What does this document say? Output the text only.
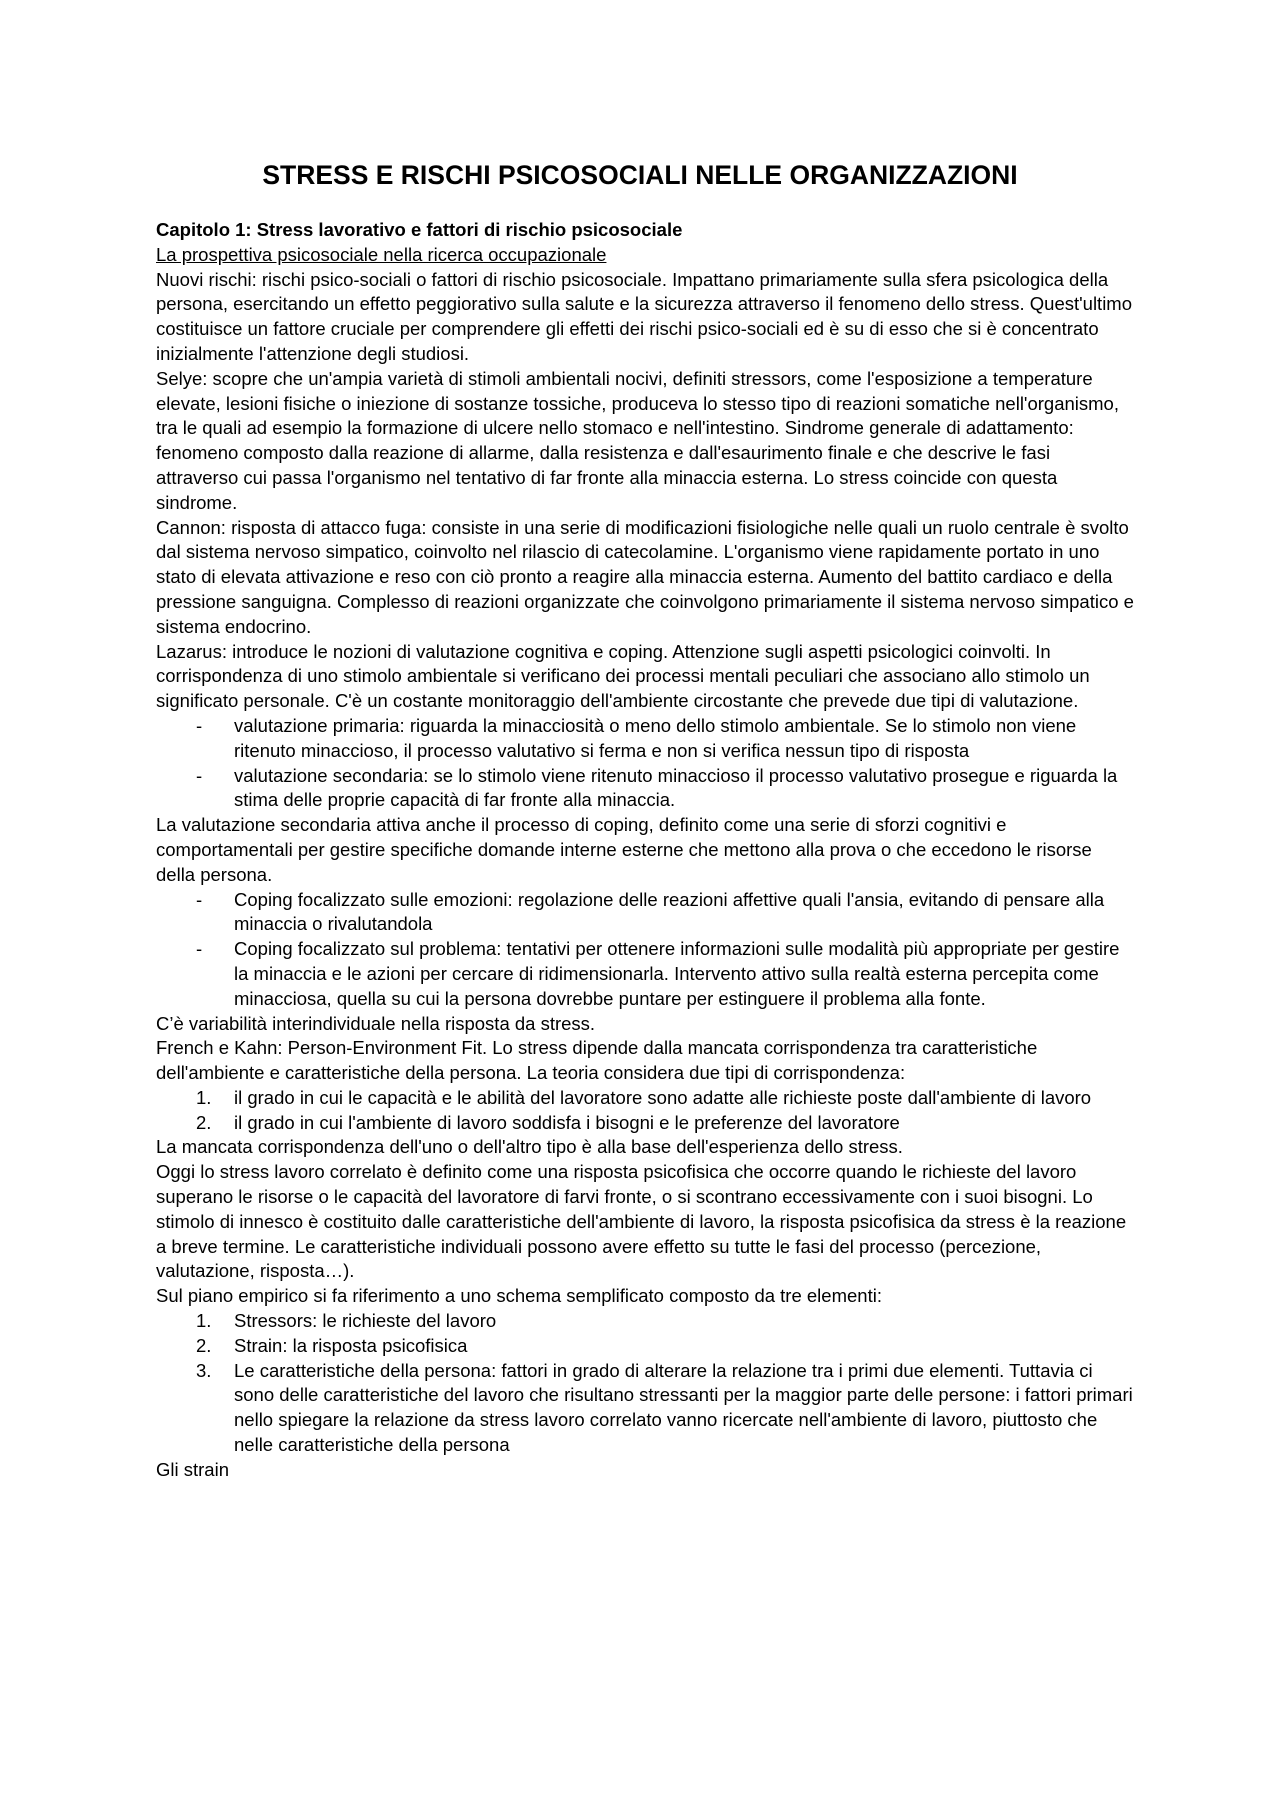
STRESS E RISCHI PSICOSOCIALI NELLE ORGANIZZAZIONI

Capitolo 1: Stress lavorativo e fattori di rischio psicosociale

La prospettiva psicosociale nella ricerca occupazionale

Nuovi rischi: rischi psico-sociali o fattori di rischio psicosociale. Impattano primariamente sulla sfera psicologica della persona, esercitando un effetto peggiorativo sulla salute e la sicurezza attraverso il fenomeno dello stress. Quest'ultimo costituisce un fattore cruciale per comprendere gli effetti dei rischi psico-sociali ed è su di esso che si è concentrato inizialmente l'attenzione degli studiosi.

Selye: scopre che un'ampia varietà di stimoli ambientali nocivi, definiti stressors, come l'esposizione a temperature elevate, lesioni fisiche o iniezione di sostanze tossiche, produceva lo stesso tipo di reazioni somatiche nell'organismo, tra le quali ad esempio la formazione di ulcere nello stomaco e nell'intestino. Sindrome generale di adattamento: fenomeno composto dalla reazione di allarme, dalla resistenza e dall'esaurimento finale e che descrive le fasi attraverso cui passa l'organismo nel tentativo di far fronte alla minaccia esterna. Lo stress coincide con questa sindrome.

Cannon: risposta di attacco fuga: consiste in una serie di modificazioni fisiologiche nelle quali un ruolo centrale è svolto dal sistema nervoso simpatico, coinvolto nel rilascio di catecolamine. L'organismo viene rapidamente portato in uno stato di elevata attivazione e reso con ciò pronto a reagire alla minaccia esterna. Aumento del battito cardiaco e della pressione sanguigna. Complesso di reazioni organizzate che coinvolgono primariamente il sistema nervoso simpatico e sistema endocrino.

Lazarus: introduce le nozioni di valutazione cognitiva e coping. Attenzione sugli aspetti psicologici coinvolti. In corrispondenza di uno stimolo ambientale si verificano dei processi mentali peculiari che associano allo stimolo un significato personale. C'è un costante monitoraggio dell'ambiente circostante che prevede due tipi di valutazione.

-	valutazione primaria: riguarda la minacciosità o meno dello stimolo ambientale. Se lo stimolo non viene ritenuto minaccioso, il processo valutativo si ferma e non si verifica nessun tipo di risposta
-	valutazione secondaria: se lo stimolo viene ritenuto minaccioso il processo valutativo prosegue e riguarda la stima delle proprie capacità di far fronte alla minaccia.

La valutazione secondaria attiva anche il processo di coping, definito come una serie di sforzi cognitivi e comportamentali per gestire specifiche domande interne esterne che mettono alla prova o che eccedono le risorse della persona.

-	Coping focalizzato sulle emozioni: regolazione delle reazioni affettive quali l'ansia, evitando di pensare alla minaccia o rivalutandola
-	Coping focalizzato sul problema: tentativi per ottenere informazioni sulle modalità più appropriate per gestire la minaccia e le azioni per cercare di ridimensionarla. Intervento attivo sulla realtà esterna percepita come minacciosa, quella su cui la persona dovrebbe puntare per estinguere il problema alla fonte.

C’è variabilità interindividuale nella risposta da stress.

French e Kahn: Person-Environment Fit. Lo stress dipende dalla mancata corrispondenza tra caratteristiche dell'ambiente e caratteristiche della persona. La teoria considera due tipi di corrispondenza:

1.	il grado in cui le capacità e le abilità del lavoratore sono adatte alle richieste poste dall'ambiente di lavoro
2.	il grado in cui l'ambiente di lavoro soddisfa i bisogni e le preferenze del lavoratore

La mancata corrispondenza dell'uno o dell'altro tipo è alla base dell'esperienza dello stress.

Oggi lo stress lavoro correlato è definito come una risposta psicofisica che occorre quando le richieste del lavoro superano le risorse o le capacità del lavoratore di farvi fronte, o si scontrano eccessivamente con i suoi bisogni. Lo stimolo di innesco è costituito dalle caratteristiche dell'ambiente di lavoro, la risposta psicofisica da stress è la reazione a breve termine. Le caratteristiche individuali possono avere effetto su tutte le fasi del processo (percezione, valutazione, risposta…).

Sul piano empirico si fa riferimento a uno schema semplificato composto da tre elementi:

1.	Stressors: le richieste del lavoro
2.	Strain: la risposta psicofisica
3.	Le caratteristiche della persona: fattori in grado di alterare la relazione tra i primi due elementi. Tuttavia ci sono delle caratteristiche del lavoro che risultano stressanti per la maggior parte delle persone: i fattori primari nello spiegare la relazione da stress lavoro correlato vanno ricercate nell'ambiente di lavoro, piuttosto che nelle caratteristiche della persona

Gli strain
